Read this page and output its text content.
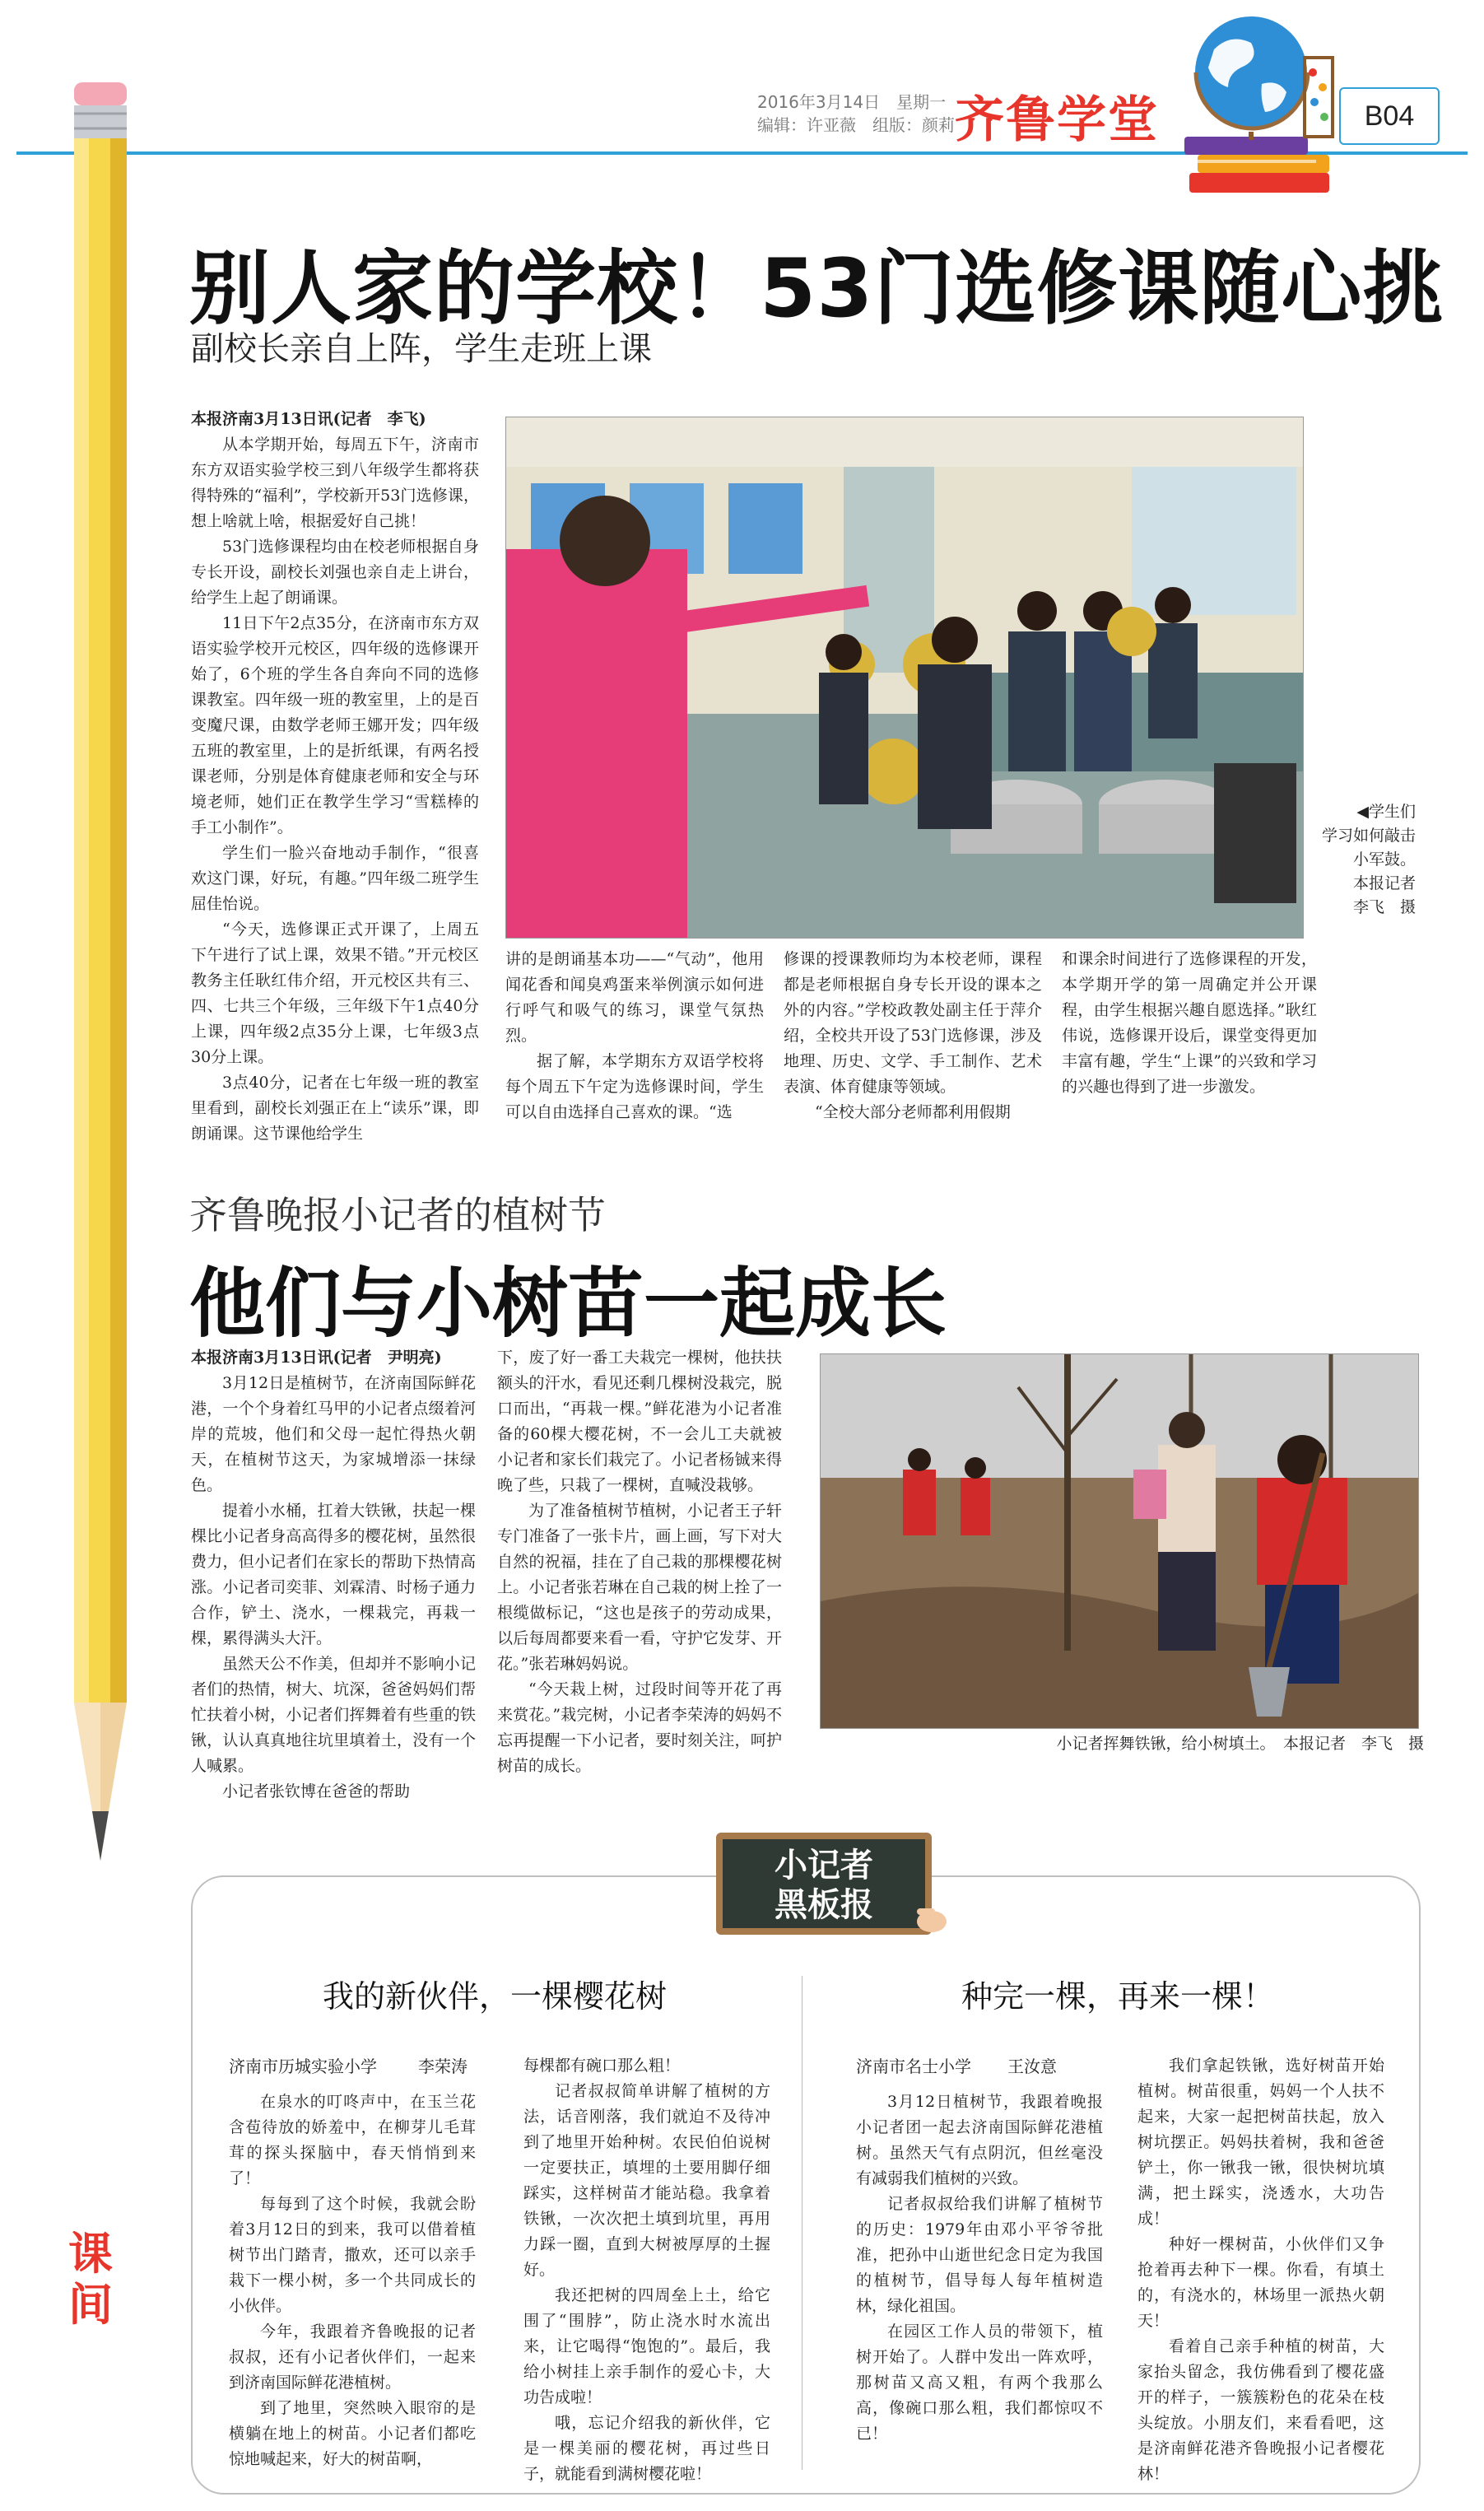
2016年3月14日　星期一
编辑：许亚薇　组版：颜莉 齐鲁学堂	B04
课间
别人家的学校！53门选修课随心挑
副校长亲自上阵，学生走班上课

本报济南3月13日讯(记者　李飞)

从本学期开始，每周五下午，济南市东方双语实验学校三到八年级学生都将获得特殊的“福利”，学校新开53门选修课，想上啥就上啥，根据爱好自己挑！

53门选修课程均由在校老师根据自身专长开设，副校长刘强也亲自走上讲台，给学生上起了朗诵课。

11日下午2点35分，在济南市东方双语实验学校开元校区，四年级的选修课开始了，6个班的学生各自奔向不同的选修课教室。四年级一班的教室里，上的是百变魔尺课，由数学老师王娜开发；四年级五班的教室里，上的是折纸课，有两名授课老师，分别是体育健康老师和安全与环境老师，她们正在教学生学习“雪糕棒的手工小制作”。

学生们一脸兴奋地动手制作，“很喜欢这门课，好玩，有趣。”四年级二班学生屈佳怡说。

“今天，选修课正式开课了，上周五下午进行了试上课，效果不错。”开元校区教务主任耿红伟介绍，开元校区共有三、四、七共三个年级，三年级下午1点40分上课，四年级2点35分上课，七年级3点30分上课。

3点40分，记者在七年级一班的教室里看到，副校长刘强正在上“读乐”课，即朗诵课。这节课他给学生

◀学生们
学习如何敲击
小军鼓。
本报记者
李飞　摄

讲的是朗诵基本功——“气动”，他用闻花香和闻臭鸡蛋来举例演示如何进行呼气和吸气的练习，课堂气氛热烈。

据了解，本学期东方双语学校将每个周五下午定为选修课时间，学生可以自由选择自己喜欢的课。“选

修课的授课教师均为本校老师，课程都是老师根据自身专长开设的课本之外的内容。”学校政教处副主任于萍介绍，全校共开设了53门选修课，涉及地理、历史、文学、手工制作、艺术表演、体育健康等领域。

“全校大部分老师都利用假期

和课余时间进行了选修课程的开发，本学期开学的第一周确定并公开课程，由学生根据兴趣自愿选择。”耿红伟说，选修课开设后，课堂变得更加丰富有趣，学生“上课”的兴致和学习的兴趣也得到了进一步激发。

齐鲁晚报小记者的植树节
他们与小树苗一起成长

本报济南3月13日讯(记者　尹明亮)

3月12日是植树节，在济南国际鲜花港，一个个身着红马甲的小记者点缀着河岸的荒坡，他们和父母一起忙得热火朝天，在植树节这天，为家城增添一抹绿色。

提着小水桶，扛着大铁锹，扶起一棵棵比小记者身高高得多的樱花树，虽然很费力，但小记者们在家长的帮助下热情高涨。小记者司奕菲、刘霖清、时杨子通力合作，铲土、浇水，一棵栽完，再栽一棵，累得满头大汗。

虽然天公不作美，但却并不影响小记者们的热情，树大、坑深，爸爸妈妈们帮忙扶着小树，小记者们挥舞着有些重的铁锹，认认真真地往坑里填着土，没有一个人喊累。

小记者张钦博在爸爸的帮助

下，废了好一番工夫栽完一棵树，他扶扶额头的汗水，看见还剩几棵树没栽完，脱口而出，“再栽一棵。”鲜花港为小记者准备的60棵大樱花树，不一会儿工夫就被小记者和家长们栽完了。小记者杨铖来得晚了些，只栽了一棵树，直喊没栽够。

为了准备植树节植树，小记者王子轩专门准备了一张卡片，画上画，写下对大自然的祝福，挂在了自己栽的那棵樱花树上。小记者张若琳在自己栽的树上拴了一根缆做标记，“这也是孩子的劳动成果，以后每周都要来看一看，守护它发芽、开花。”张若琳妈妈说。

“今天栽上树，过段时间等开花了再来赏花。”栽完树，小记者李荣涛的妈妈不忘再提醒一下小记者，要时刻关注，呵护树苗的成长。

小记者挥舞铁锹，给小树填土。　本报记者　李飞　摄
小记者
黑板报
我的新伙伴，一棵樱花树
济南市历城实验小学	李荣涛

在泉水的叮咚声中，在玉兰花含苞待放的娇羞中，在柳芽儿毛茸茸的探头探脑中，春天悄悄到来了！

每每到了这个时候，我就会盼着3月12日的到来，我可以借着植树节出门踏青，撒欢，还可以亲手栽下一棵小树，多一个共同成长的小伙伴。

今年，我跟着齐鲁晚报的记者叔叔，还有小记者伙伴们，一起来到济南国际鲜花港植树。

到了地里，突然映入眼帘的是横躺在地上的树苗。小记者们都吃惊地喊起来，好大的树苗啊，

每棵都有碗口那么粗！

记者叔叔简单讲解了植树的方法，话音刚落，我们就迫不及待冲到了地里开始种树。农民伯伯说树一定要扶正，填埋的土要用脚仔细踩实，这样树苗才能站稳。我拿着铁锹，一次次把土填到坑里，再用力踩一圈，直到大树被厚厚的土握好。

我还把树的四周垒上土，给它围了“围脖”，防止浇水时水流出来，让它喝得“饱饱的”。最后，我给小树挂上亲手制作的爱心卡，大功告成啦！

哦，忘记介绍我的新伙伴，它是一棵美丽的樱花树，再过些日子，就能看到满树樱花啦！

种完一棵，再来一棵！
济南市名士小学 王汝意

3月12日植树节，我跟着晚报小记者团一起去济南国际鲜花港植树。虽然天气有点阴沉，但丝毫没有减弱我们植树的兴致。

记者叔叔给我们讲解了植树节的历史：1979年由邓小平爷爷批准，把孙中山逝世纪念日定为我国的植树节，倡导每人每年植树造林，绿化祖国。

在园区工作人员的带领下，植树开始了。人群中发出一阵欢呼，那树苗又高又粗，有两个我那么高，像碗口那么粗，我们都惊叹不已！

我们拿起铁锹，选好树苗开始植树。树苗很重，妈妈一个人扶不起来，大家一起把树苗扶起，放入树坑摆正。妈妈扶着树，我和爸爸铲土，你一锹我一锹，很快树坑填满，把土踩实，浇透水，大功告成！

种好一棵树苗，小伙伴们又争抢着再去种下一棵。你看，有填土的，有浇水的，林场里一派热火朝天！

看着自己亲手种植的树苗，大家抬头留念，我仿佛看到了樱花盛开的样子，一簇簇粉色的花朵在枝头绽放。小朋友们，来看看吧，这是济南鲜花港齐鲁晚报小记者樱花林！
